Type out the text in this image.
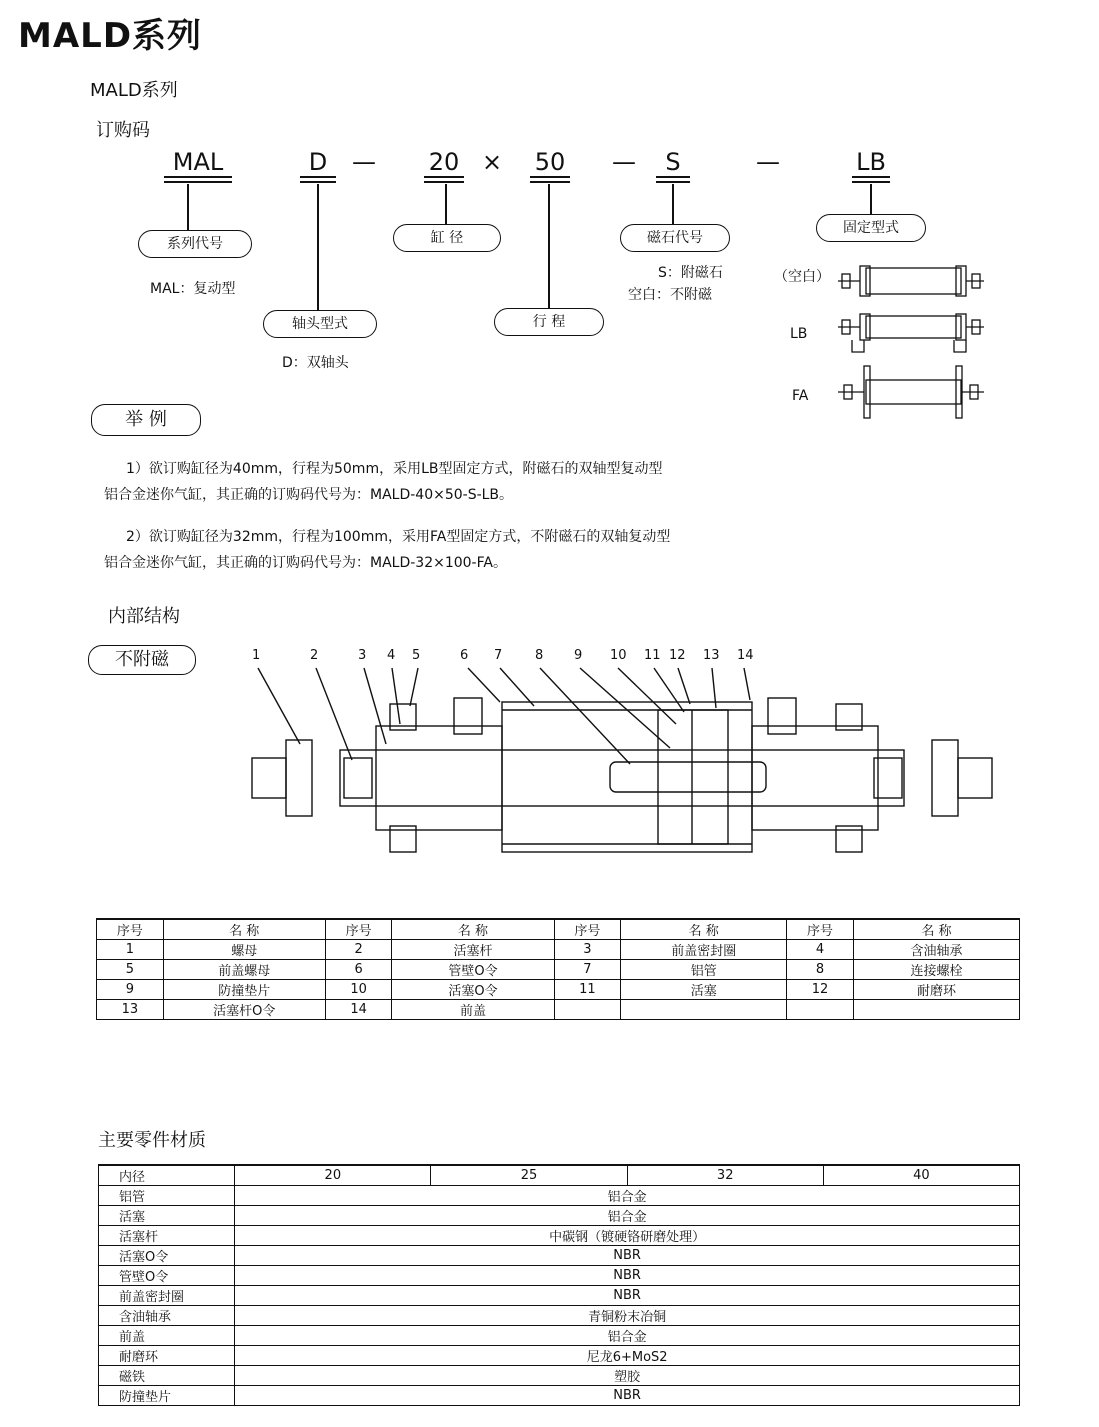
MALD系列
MALD系列
订购码
MAL	D	— 20 × 50 —	S	—	LB
系列代号
轴头型式
缸 径
行 程
磁石代号
固定型式
MAL：复动型
D：双轴头
S：附磁石
空白：不附磁
（空白）
LB
FA
举 例
1）欲订购缸径为40mm，行程为50mm，采用LB型固定方式，附磁石的双轴型复动型
铝合金迷你气缸，其正确的订购码代号为：MALD-40×50-S-LB。
2）欲订购缸径为32mm，行程为100mm，采用FA型固定方式，不附磁石的双轴复动型
铝合金迷你气缸，其正确的订购码代号为：MALD-32×100-FA。
内部结构
不附磁	1	2	3 4 5	6 7	8 9 10 11 12 13 14
序号	名 称	序号	名 称	序号	名 称	序号	名 称
1	螺母	2	活塞杆	3	前盖密封圈	4	含油轴承
5	前盖螺母	6	管壁O令	7	铝管	8	连接螺栓
9	防撞垫片	10	活塞O令	11	活塞	12	耐磨环
13	活塞杆O令	14	前盖				
主要零件材质
内径	20	25	32	40
铝管	铝合金			
活塞	铝合金			
活塞杆	中碳钢（镀硬铬研磨处理）			
活塞O令	NBR			
管壁O令	NBR			
前盖密封圈	NBR			
含油轴承	青铜粉末冶铜			
前盖	铝合金			
耐磨环	尼龙6+MoS2			
磁铁	塑胶			
防撞垫片	NBR			
